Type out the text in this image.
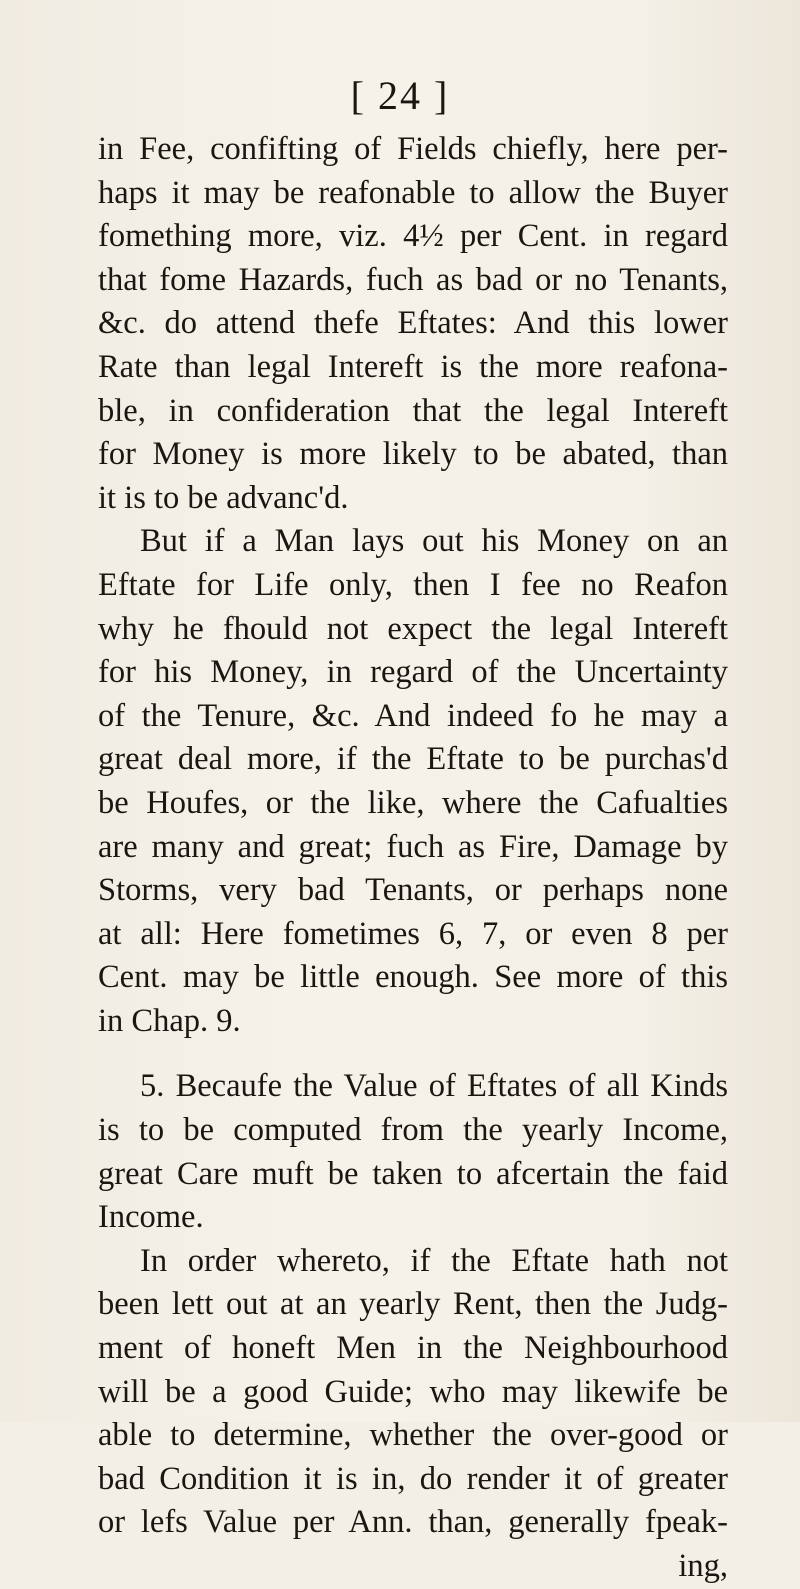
[ 24 ]
in Fee, confifting of Fields chiefly, here per-
haps it may be reafonable to allow the Buyer
fomething more, viz. 4½ per Cent. in regard
that fome Hazards, fuch as bad or no Tenants,
&c. do attend thefe Eftates: And this lower
Rate than legal Intereft is the more reafona-
ble, in confideration that the legal Intereft
for Money is more likely to be abated, than
it is to be advanc'd.
But if a Man lays out his Money on an
Eftate for Life only, then I fee no Reafon
why he fhould not expect the legal Intereft
for his Money, in regard of the Uncertainty
of the Tenure, &c. And indeed fo he may a
great deal more, if the Eftate to be purchas'd
be Houfes, or the like, where the Cafualties
are many and great; fuch as Fire, Damage by
Storms, very bad Tenants, or perhaps none
at all: Here fometimes 6, 7, or even 8 per
Cent. may be little enough. See more of this
in Chap. 9.
5. Becaufe the Value of Eftates of all Kinds
is to be computed from the yearly Income,
great Care muft be taken to afcertain the faid
Income.
In order whereto, if the Eftate hath not
been lett out at an yearly Rent, then the Judg-
ment of honeft Men in the Neighbourhood
will be a good Guide; who may likewife be
able to determine, whether the over-good or
bad Condition it is in, do render it of greater
or lefs Value per Ann. than, generally fpeak-
ing,
